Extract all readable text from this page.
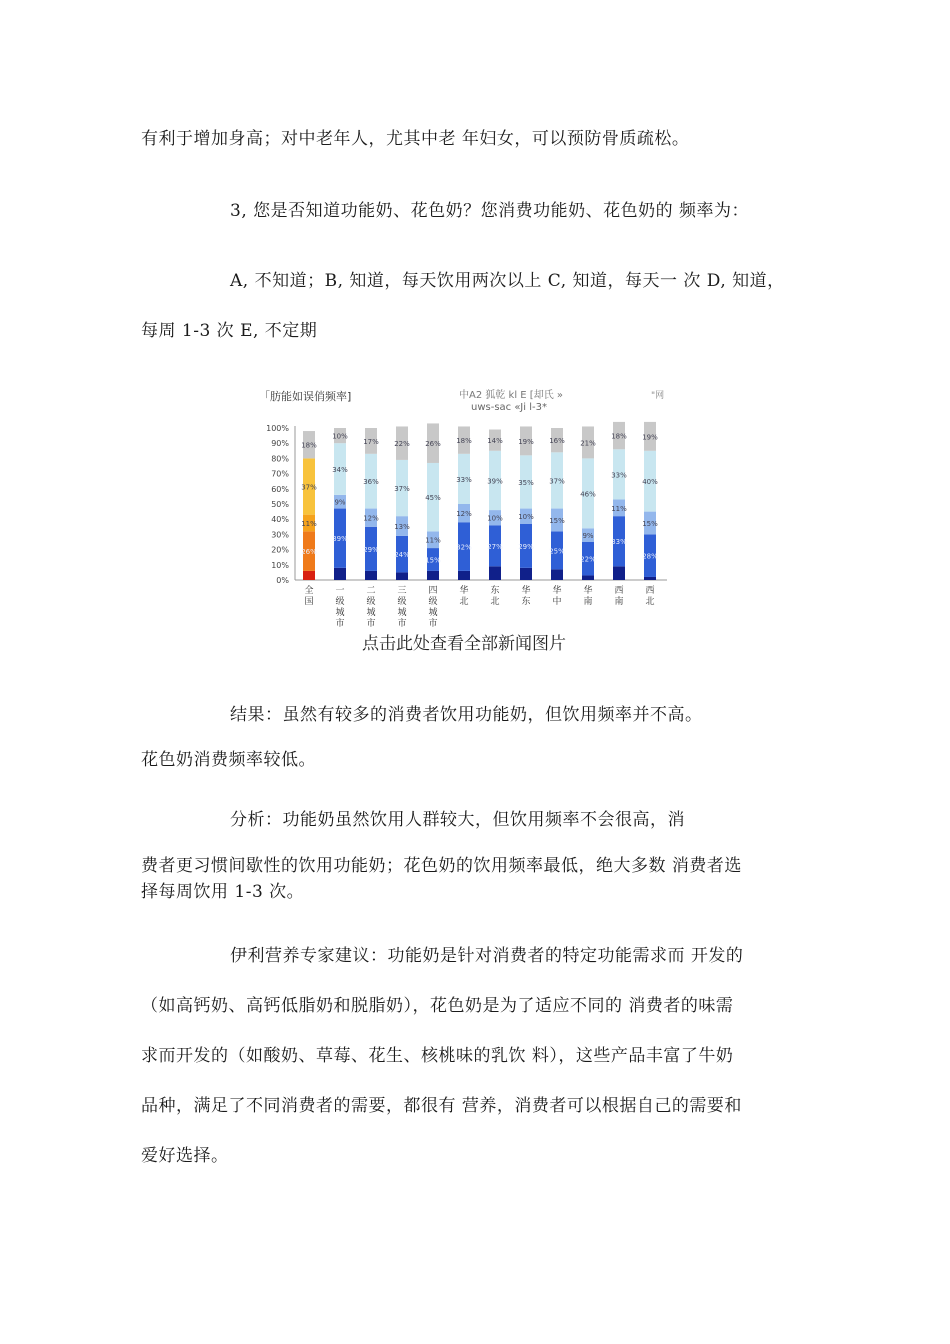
有利于增加身高；对中老年人，尤其中老 年妇女，可以预防骨质疏松。
3, 您是否知道功能奶、花色奶？您消费功能奶、花色奶的 频率为：
A, 不知道；B, 知道，每天饮用两次以上 C, 知道，每天一 次 D, 知道，
每周 1-3 次 E, 不定期
「肪能如误俏频率]	中A2 狐乾 kl E [却氏 »
uws-sac «Ji l-3*
"网
0%
10%
20%
30%
40%
50%
60%
70%
80%
90%
100%
26%
11%
37%
18%
全
国
39%
9%
34%
10%
一
级
城
市
29%
12%
36%
17%
二
级
城
市
24%
13%
37%
22%
三
级
城
市
15%
11%
45%
26%
四
级
城
市
32%
12%
33%
18%
华
北
27%
10%
39%
14%
东
北
29%
10%
35%
19%
华
东
25%
15%
37%
16%
华
中
22%
9%
46%
21%
华
南
33%
11%
33%
18%
西
南
28%
15%
40%
19%
西
北
点击此处查看全部新闻图片
结果：虽然有较多的消费者饮用功能奶，但饮用频率并不高。
花色奶消费频率较低。
分析：功能奶虽然饮用人群较大，但饮用频率不会很高，消
费者更习惯间歇性的饮用功能奶；花色奶的饮用频率最低，绝大多数 消费者选
择每周饮用 1-3 次。
伊利营养专家建议：功能奶是针对消费者的特定功能需求而 开发的
（如高钙奶、高钙低脂奶和脱脂奶），花色奶是为了适应不同的 消费者的味需
求而开发的（如酸奶、草莓、花生、核桃味的乳饮 料），这些产品丰富了牛奶
品种，满足了不同消费者的需要，都很有 营养，消费者可以根据自己的需要和
爱好选择。
